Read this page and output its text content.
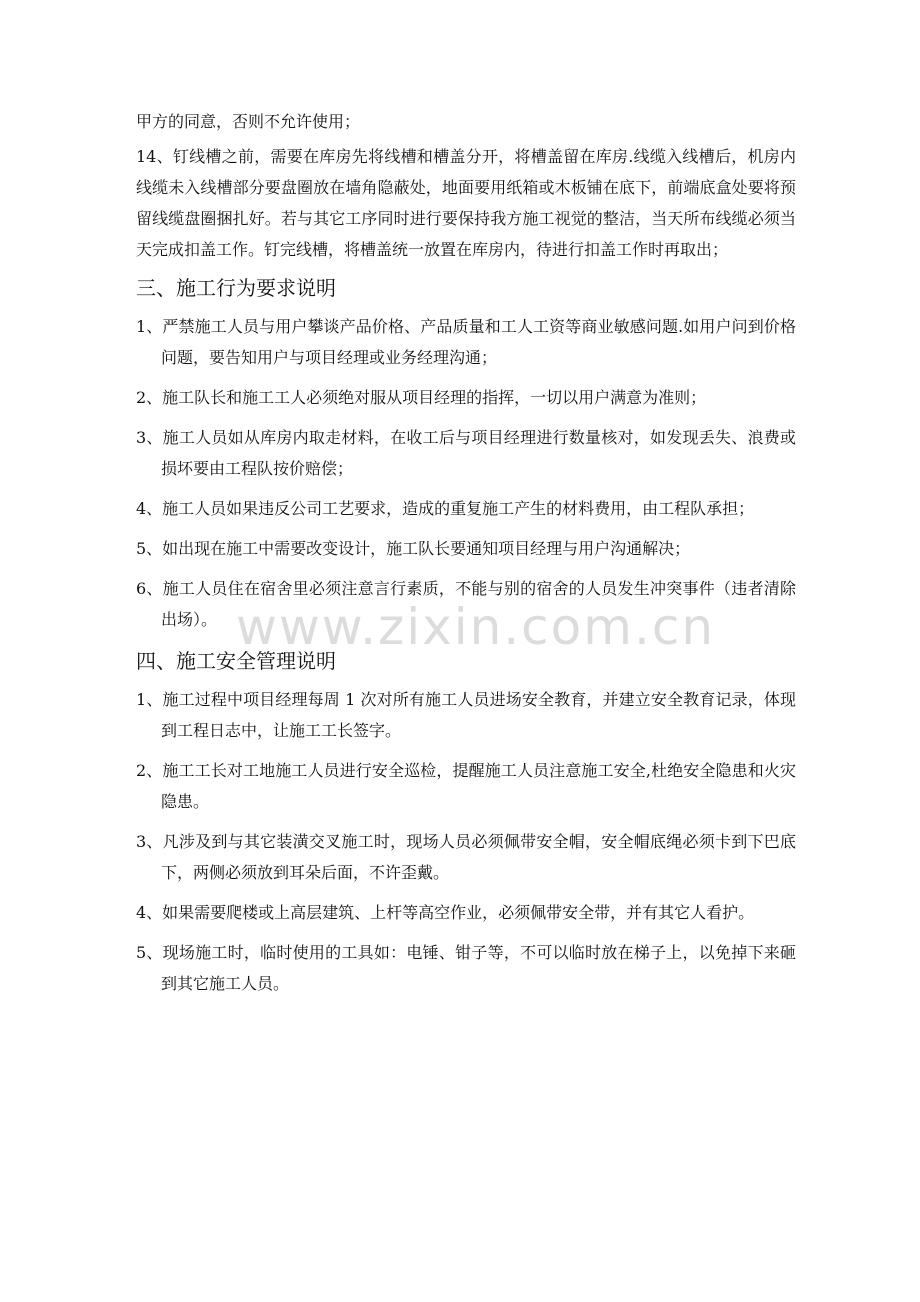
www.zixin.com.cn

甲方的同意，否则不允许使用；

14、钉线槽之前，需要在库房先将线槽和槽盖分开，将槽盖留在库房.线缆入线槽后，机房内线缆未入线槽部分要盘圈放在墙角隐蔽处，地面要用纸箱或木板铺在底下，前端底盒处要将预留线缆盘圈捆扎好。若与其它工序同时进行要保持我方施工视觉的整洁，当天所布线缆必须当天完成扣盖工作。钉完线槽，将槽盖统一放置在库房内，待进行扣盖工作时再取出；

三、施工行为要求说明

1、严禁施工人员与用户攀谈产品价格、产品质量和工人工资等商业敏感问题.如用户问到价格问题，要告知用户与项目经理或业务经理沟通；

2、施工队长和施工工人必须绝对服从项目经理的指挥，一切以用户满意为准则；

3、施工人员如从库房内取走材料，在收工后与项目经理进行数量核对，如发现丢失、浪费或损坏要由工程队按价赔偿；

4、施工人员如果违反公司工艺要求，造成的重复施工产生的材料费用，由工程队承担；

5、如出现在施工中需要改变设计，施工队长要通知项目经理与用户沟通解决；

6、施工人员住在宿舍里必须注意言行素质，不能与别的宿舍的人员发生冲突事件（违者清除出场）。

四、施工安全管理说明

1、施工过程中项目经理每周 1 次对所有施工人员进场安全教育，并建立安全教育记录，体现到工程日志中，让施工工长签字。

2、施工工长对工地施工人员进行安全巡检，提醒施工人员注意施工安全,杜绝安全隐患和火灾隐患。

3、凡涉及到与其它装潢交叉施工时，现场人员必须佩带安全帽，安全帽底绳必须卡到下巴底下，两侧必须放到耳朵后面，不许歪戴。

4、如果需要爬楼或上高层建筑、上杆等高空作业，必须佩带安全带，并有其它人看护。

5、现场施工时，临时使用的工具如：电锤、钳子等，不可以临时放在梯子上，以免掉下来砸到其它施工人员。
